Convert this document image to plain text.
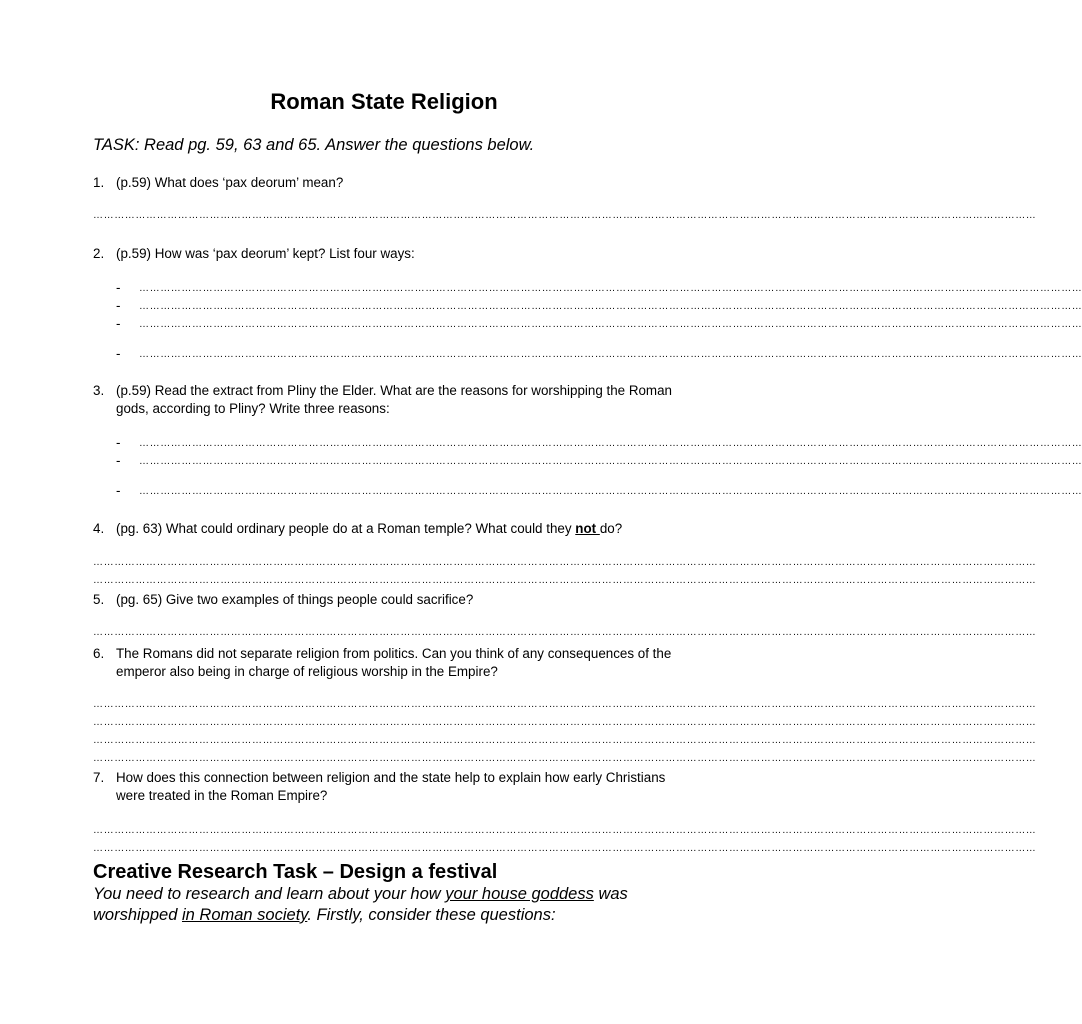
Roman State Religion
TASK: Read pg. 59, 63 and 65. Answer the questions below.
1. (p.59) What does ‘pax deorum’ mean?
……………………………………………………………………………………………………………………………………………………………………………………………………………………………………………
2. (p.59) How was ‘pax deorum’ kept? List four ways:
- ……………………………………………………………………………………………………………………………………………………………………………………………………………………………………………
- ……………………………………………………………………………………………………………………………………………………………………………………………………………………………………………
- ……………………………………………………………………………………………………………………………………………………………………………………………………………………………………………
- ……………………………………………………………………………………………………………………………………………………………………………………………………………………………………………
3. (p.59) Read the extract from Pliny the Elder. What are the reasons for worshipping the Roman gods, according to Pliny? Write three reasons:
- ……………………………………………………………………………………………………………………………………………………………………………………………………………………………………………
- ……………………………………………………………………………………………………………………………………………………………………………………………………………………………………………
- ……………………………………………………………………………………………………………………………………………………………………………………………………………………………………………
4. (pg. 63) What could ordinary people do at a Roman temple? What could they not do?
……………………………………………………………………………………………………………………………………………………………………………………………………………………………………………
……………………………………………………………………………………………………………………………………………………………………………………………………………………………………………
5. (pg. 65) Give two examples of things people could sacrifice?
……………………………………………………………………………………………………………………………………………………………………………………………………………………………………………
6. The Romans did not separate religion from politics. Can you think of any consequences of the emperor also being in charge of religious worship in the Empire?
……………………………………………………………………………………………………………………………………………………………………………………………………………………………………………
……………………………………………………………………………………………………………………………………………………………………………………………………………………………………………
……………………………………………………………………………………………………………………………………………………………………………………………………………………………………………
……………………………………………………………………………………………………………………………………………………………………………………………………………………………………………
7. How does this connection between religion and the state help to explain how early Christians were treated in the Roman Empire?
……………………………………………………………………………………………………………………………………………………………………………………………………………………………………………
……………………………………………………………………………………………………………………………………………………………………………………………………………………………………………
Creative Research Task – Design a festival
You need to research and learn about your how your house goddess was worshipped in Roman society. Firstly, consider these questions:
